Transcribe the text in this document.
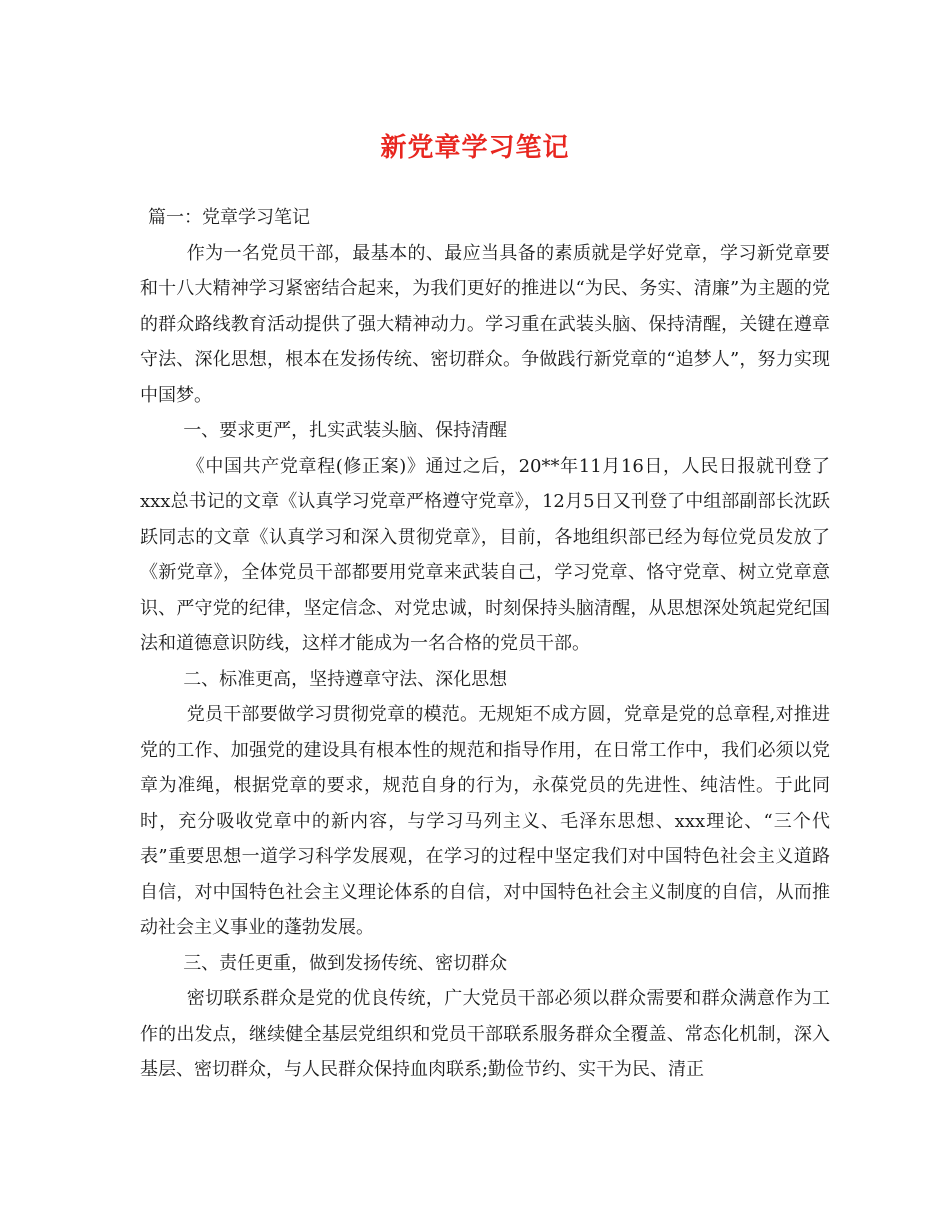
新党章学习笔记

篇一：党章学习笔记

作为一名党员干部，最基本的、最应当具备的素质就是学好党章，学习新党章要和十八大精神学习紧密结合起来，为我们更好的推进以“为民、务实、清廉”为主题的党的群众路线教育活动提供了强大精神动力。学习重在武装头脑、保持清醒，关键在遵章守法、深化思想，根本在发扬传统、密切群众。争做践行新党章的“追梦人”，努力实现中国梦。

一、要求更严，扎实武装头脑、保持清醒

《中国共产党章程(修正案)》通过之后，20**年11月16日，人民日报就刊登了xxx总书记的文章《认真学习党章严格遵守党章》，12月5日又刊登了中组部副部长沈跃跃同志的文章《认真学习和深入贯彻党章》，目前，各地组织部已经为每位党员发放了《新党章》，全体党员干部都要用党章来武装自己，学习党章、恪守党章、树立党章意识、严守党的纪律，坚定信念、对党忠诚，时刻保持头脑清醒，从思想深处筑起党纪国法和道德意识防线，这样才能成为一名合格的党员干部。

二、标准更高，坚持遵章守法、深化思想

党员干部要做学习贯彻党章的模范。无规矩不成方圆，党章是党的总章程,对推进党的工作、加强党的建设具有根本性的规范和指导作用，在日常工作中，我们必须以党章为准绳，根据党章的要求，规范自身的行为，永葆党员的先进性、纯洁性。于此同时，充分吸收党章中的新内容，与学习马列主义、毛泽东思想、xxx理论、“三个代表”重要思想一道学习科学发展观，在学习的过程中坚定我们对中国特色社会主义道路自信，对中国特色社会主义理论体系的自信，对中国特色社会主义制度的自信，从而推动社会主义事业的蓬勃发展。

三、责任更重，做到发扬传统、密切群众

密切联系群众是党的优良传统，广大党员干部必须以群众需要和群众满意作为工作的出发点，继续健全基层党组织和党员干部联系服务群众全覆盖、常态化机制，深入基层、密切群众，与人民群众保持血肉联系;勤俭节约、实干为民、清正
